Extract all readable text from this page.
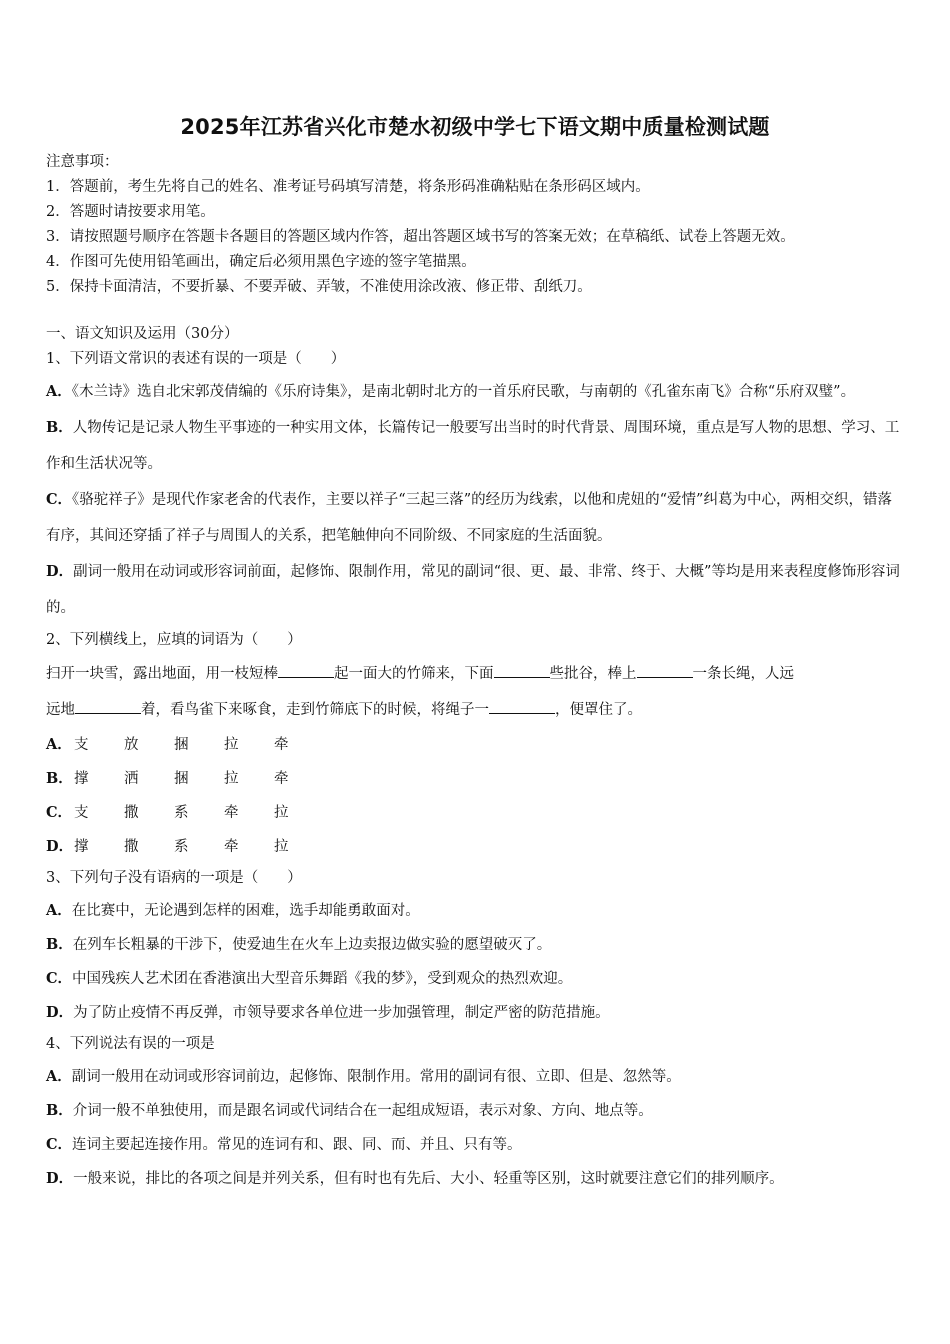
2025年江苏省兴化市楚水初级中学七下语文期中质量检测试题
注意事项：
1．答题前，考生先将自己的姓名、准考证号码填写清楚，将条形码准确粘贴在条形码区域内。
2．答题时请按要求用笔。
3．请按照题号顺序在答题卡各题目的答题区域内作答，超出答题区域书写的答案无效；在草稿纸、试卷上答题无效。
4．作图可先使用铅笔画出，确定后必须用黑色字迹的签字笔描黑。
5．保持卡面清洁，不要折暴、不要弄破、弄皱，不准使用涂改液、修正带、刮纸刀。
一、语文知识及运用（30分）
1、下列语文常识的表述有误的一项是（　　）
A．《木兰诗》选自北宋郭茂倩编的《乐府诗集》，是南北朝时北方的一首乐府民歌，与南朝的《孔雀东南飞》合称“乐府双璧”。
B．人物传记是记录人物生平事迹的一种实用文体，长篇传记一般要写出当时的时代背景、周围环境，重点是写人物的思想、学习、工作和生活状况等。
C．《骆驼祥子》是现代作家老舍的代表作，主要以祥子“三起三落”的经历为线索，以他和虎妞的“爱情”纠葛为中心，两相交织，错落有序，其间还穿插了祥子与周围人的关系，把笔触伸向不同阶级、不同家庭的生活面貌。
D．副词一般用在动词或形容词前面，起修饰、限制作用，常见的副词“很、更、最、非常、终于、大概”等均是用来表程度修饰形容词的。
2、下列横线上，应填的词语为（　　）
扫开一块雪，露出地面，用一枝短棒	起一面大的竹筛来，下面	些批谷，棒上	一条长绳，人远
远地	着，看鸟雀下来啄食，走到竹筛底下的时候，将绳子一	，便罩住了。
A． 支 放 捆 拉 牵
B．撑 洒 捆 拉 牵
C． 支 撒 系 牵 拉
D．撑 撒 系 牵 拉
3、下列句子没有语病的一项是（　　）
A．在比赛中，无论遇到怎样的困难，选手却能勇敢面对。
B．在列车长粗暴的干涉下，使爱迪生在火车上边卖报边做实验的愿望破灭了。
C．中国残疾人艺术团在香港演出大型音乐舞蹈《我的梦》，受到观众的热烈欢迎。
D．为了防止疫情不再反弹，市领导要求各单位进一步加强管理，制定严密的防范措施。
4、下列说法有误的一项是
A．副词一般用在动词或形容词前边，起修饰、限制作用。常用的副词有很、立即、但是、忽然等。
B．介词一般不单独使用，而是跟名词或代词结合在一起组成短语，表示对象、方向、地点等。
C．连词主要起连接作用。常见的连词有和、跟、同、而、并且、只有等。
D．一般来说，排比的各项之间是并列关系，但有时也有先后、大小、轻重等区别，这时就要注意它们的排列顺序。
